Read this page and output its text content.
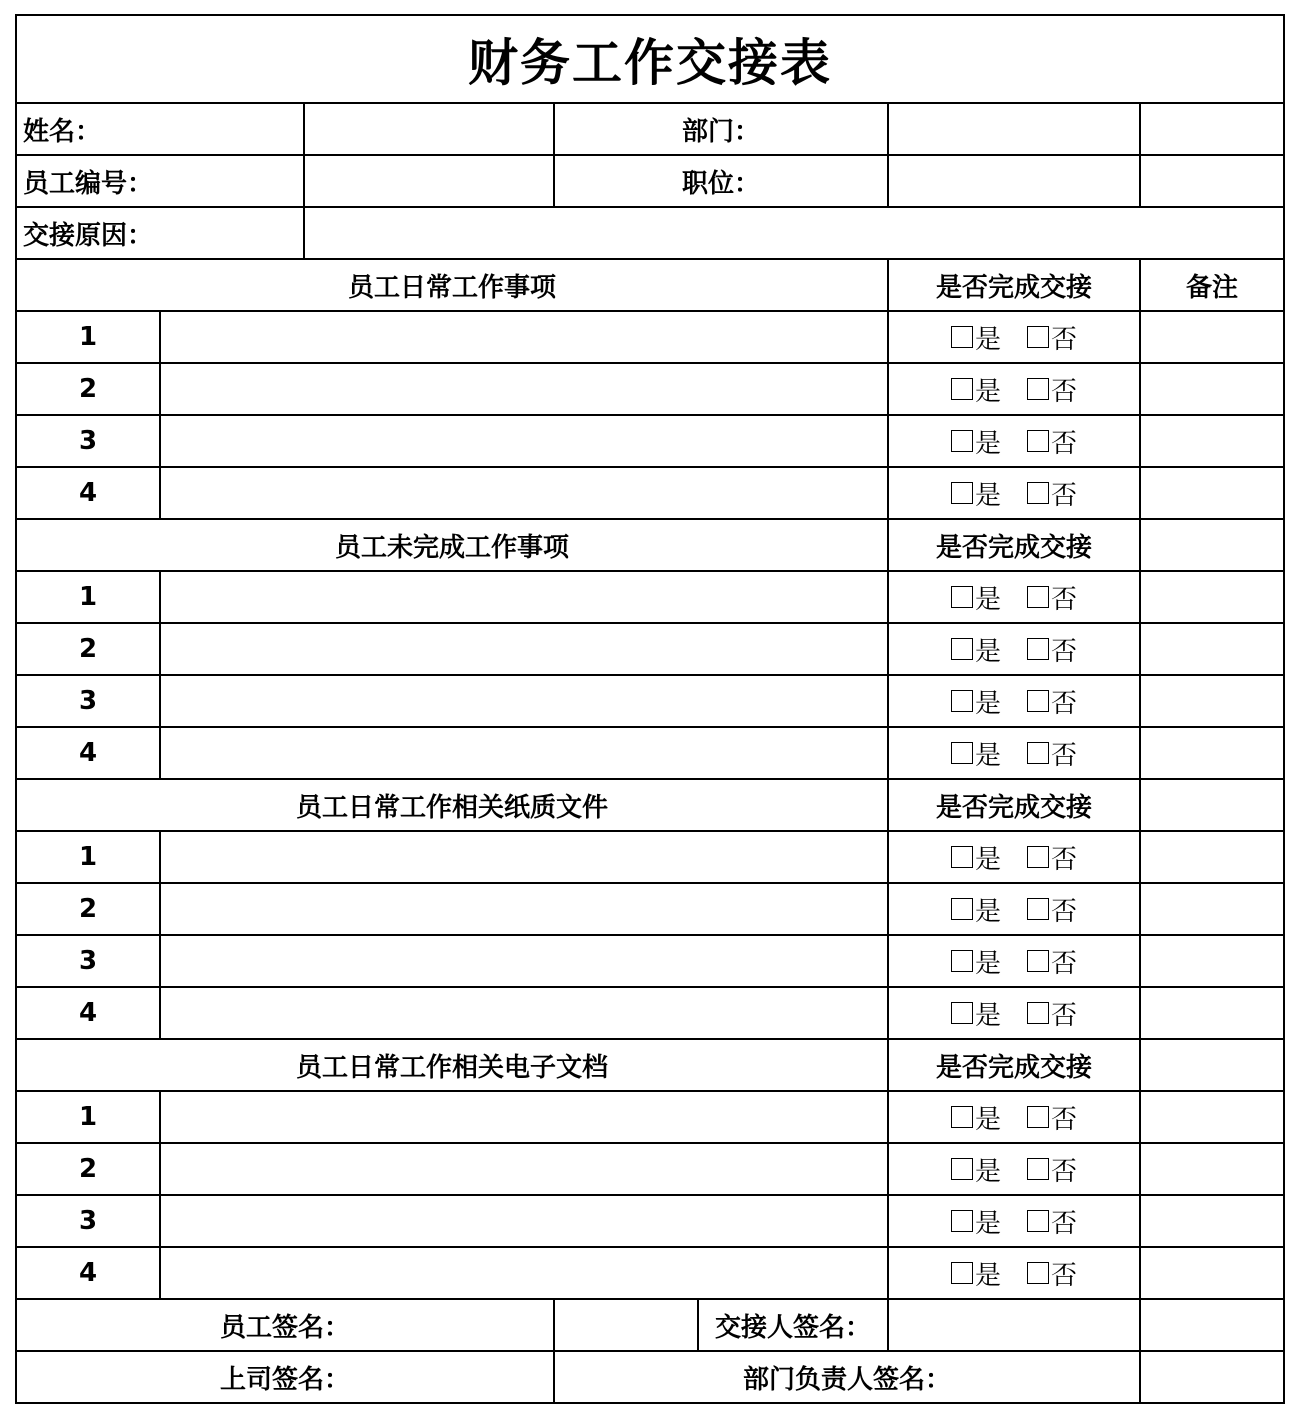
财务工作交接表
姓名：	部门：
员工编号：	职位：
交接原因：
员工日常工作事项	是否完成交接	备注
1	是 否
2	是 否
3	是 否
4	是 否
员工未完成工作事项	是否完成交接
1	是 否
2	是 否
3	是 否
4	是 否
员工日常工作相关纸质文件	是否完成交接
1	是 否
2	是 否
3	是 否
4	是 否
员工日常工作相关电子文档	是否完成交接
1	是 否
2	是 否
3	是 否
4	是 否
员工签名：	交接人签名：
上司签名：	部门负责人签名：
